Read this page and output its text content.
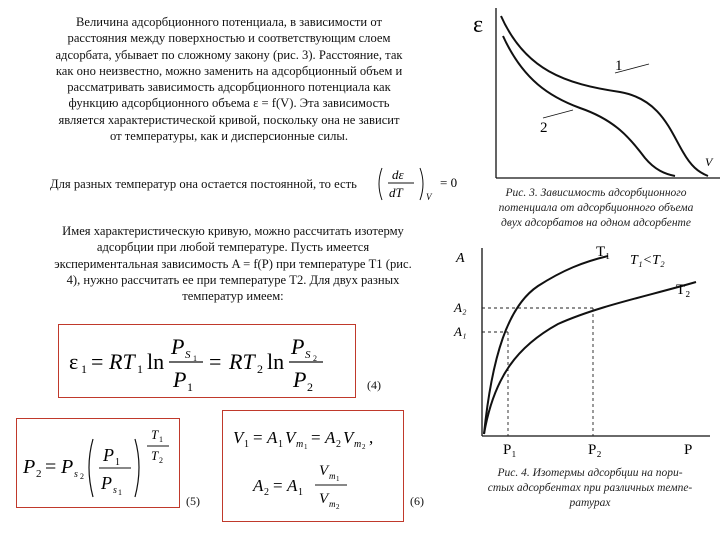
Величина адсорбционного потенциала, в зависимости от
расстояния между поверхностью и соответствующим слоем
адсорбата, убывает по сложному закону (рис. 3). Расстояние, так
как оно неизвестно, можно заменить на адсорбционный объем и
рассматривать зависимость адсорбционного потенциала как
функцию адсорбционного объема ε = f(V). Эта зависимость
является характеристической кривой, поскольку она не зависит
от температуры, как и дисперсионные силы.
Для разных температур она остается постоянной, то есть
dε
dT	V
= 0
Имея характеристическую кривую, можно рассчитать изотерму
адсорбции при любой температуре. Пусть имеется
экспериментальная зависимость A = f(P) при температуре T1 (рис.
4), нужно рассчитать ее при температуре T2. Для двух разных
температур имеем:
ε 1 = RT 1 ln
P S 1
P 1
= RT 2 ln
P S 2
P 2	(4)
P 2 = P s 2
P 1
P s 1
T 1
T 2
(5)
V 1 = A 1 V m 1 = A 2 V m 2 ,
A 2 = A 1
V m 1
V m 2	(6)
ε
V
1
2
Рис. 3. Зависимость адсорбционного
потенциала от адсорбционного объема
двух адсорбатов на одном адсорбенте
A
A₂
A₁
T₁
T₁<T₂
T₂
P₁	P₂	P
Рис. 4. Изотермы адсорбции на пори-
стых адсорбентах при различных темпе-
ратурах
